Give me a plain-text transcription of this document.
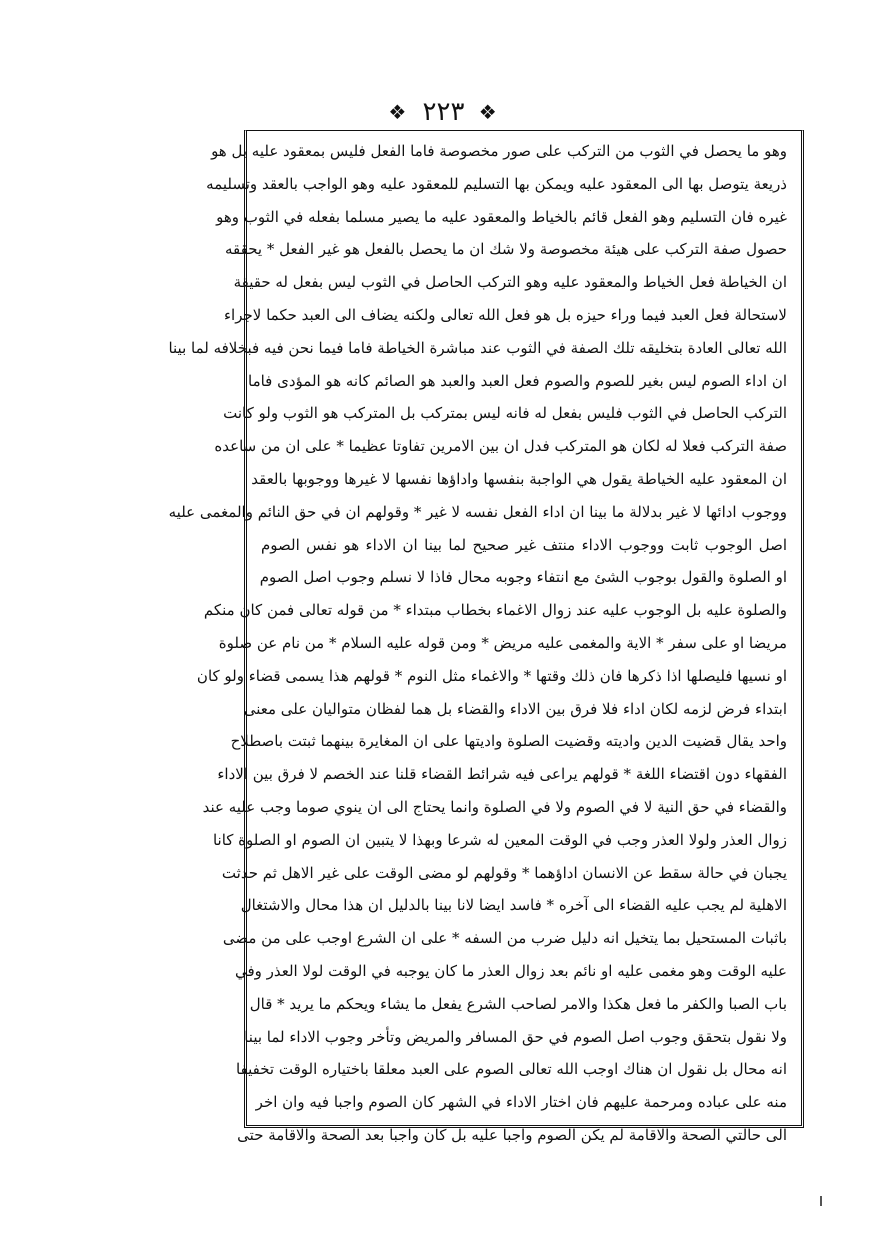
❖ ٢٢٣ ❖
وهو ما يحصل في الثوب من التركب على صور مخصوصة فاما الفعل فليس بمعقود عليه بل هو
ذريعة يتوصل بها الى المعقود عليه ويمكن بها التسليم للمعقود عليه وهو الواجب بالعقد وتسليمه
غيره فان التسليم وهو الفعل قائم بالخياط والمعقود عليه ما يصير مسلما بفعله في الثوب وهو
حصول صفة التركب على هيئة مخصوصة ولا شك ان ما يحصل بالفعل هو غير الفعل * يحققه
ان الخياطة فعل الخياط والمعقود عليه وهو التركب الحاصل في الثوب ليس بفعل له حقيقة
لاستحالة فعل العبد فيما وراء حيزه بل هو فعل الله تعالى ولكنه يضاف الى العبد حكما لاجراء
الله تعالى العادة بتخليقه تلك الصفة في الثوب عند مباشرة الخياطة فاما فيما نحن فيه فبخلافه لما بينا
ان اداء الصوم ليس بغير للصوم والصوم فعل العبد والعبد هو الصائم كانه هو المؤدى فاما
التركب الحاصل في الثوب فليس بفعل له فانه ليس بمتركب بل المتركب هو الثوب ولو كانت
صفة التركب فعلا له لكان هو المتركب فدل ان بين الامرين تفاوتا عظيما * على ان من ساعده
ان المعقود عليه الخياطة يقول هي الواجبة بنفسها واداؤها نفسها لا غيرها ووجوبها بالعقد
ووجوب ادائها لا غير بدلالة ما بينا ان اداء الفعل نفسه لا غير * وقولهم ان في حق النائم والمغمى عليه
اصل الوجوب ثابت ووجوب الاداء منتف غير صحيح لما بينا ان الاداء هو نفس الصوم
او الصلوة والقول بوجوب الشئ مع انتفاء وجوبه محال فاذا لا نسلم وجوب اصل الصوم
والصلوة عليه بل الوجوب عليه عند زوال الاغماء بخطاب مبتداء * من قوله تعالى فمن كان منكم
مريضا او على سفر * الاية والمغمى عليه مريض * ومن قوله عليه السلام * من نام عن صلوة
او نسيها فليصلها اذا ذكرها فان ذلك وقتها * والاغماء مثل النوم * قولهم هذا يسمى قضاء ولو كان
ابتداء فرض لزمه لكان اداء فلا فرق بين الاداء والقضاء بل هما لفظان متواليان على معنى
واحد يقال قضيت الدين واديته وقضيت الصلوة واديتها على ان المغايرة بينهما ثبتت باصطلاح
الفقهاء دون اقتضاء اللغة * قولهم يراعى فيه شرائط القضاء قلنا عند الخصم لا فرق بين الاداء
والقضاء في حق النية لا في الصوم ولا في الصلوة وانما يحتاج الى ان ينوي صوما وجب عليه عند
زوال العذر ولولا العذر وجب في الوقت المعين له شرعا وبهذا لا يتبين ان الصوم او الصلوة كانا
يجبان في حالة سقط عن الانسان اداؤهما * وقولهم لو مضى الوقت على غير الاهل ثم حدثت
الاهلية لم يجب عليه القضاء الى آخره * فاسد ايضا لانا بينا بالدليل ان هذا محال والاشتغال
باثبات المستحيل بما يتخيل انه دليل ضرب من السفه * على ان الشرع اوجب على من مضى
عليه الوقت وهو مغمى عليه او نائم بعد زوال العذر ما كان يوجبه في الوقت لولا العذر وفي
باب الصبا والكفر ما فعل هكذا والامر لصاحب الشرع يفعل ما يشاء ويحكم ما يريد * قال
ولا نقول بتحقق وجوب اصل الصوم في حق المسافر والمريض وتأخر وجوب الاداء لما بينا
انه محال بل نقول ان هناك اوجب الله تعالى الصوم على العبد معلقا باختياره الوقت تخفيفا
منه على عباده ومرحمة عليهم فان اختار الاداء في الشهر كان الصوم واجبا فيه وان اخر
الى حالتي الصحة والاقامة لم يكن الصوم واجبا عليه بل كان واجبا بعد الصحة والاقامة حتى
